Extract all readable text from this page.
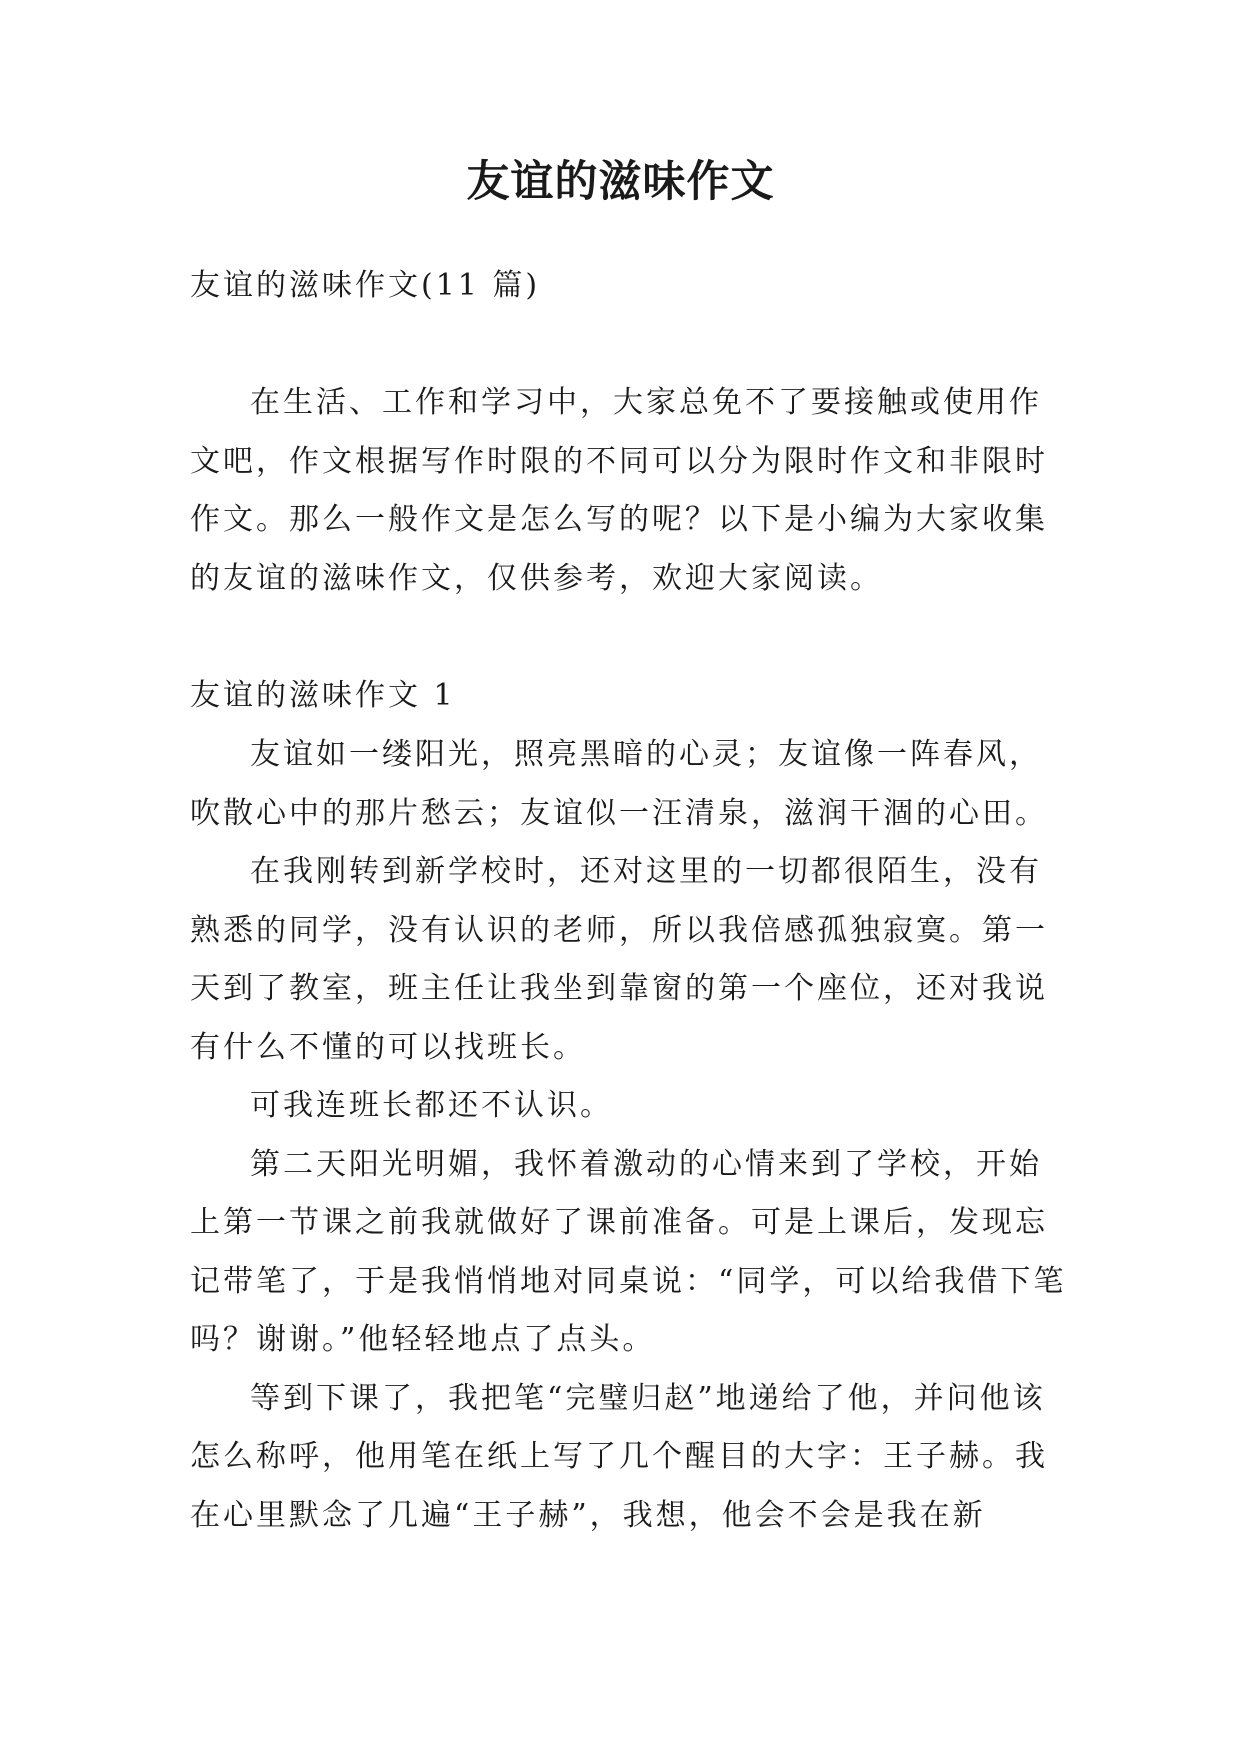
友谊的滋味作文

友谊的滋味作文(11 篇)

在生活、工作和学习中，大家总免不了要接触或使用作文吧，作文根据写作时限的不同可以分为限时作文和非限时作文。那么一般作文是怎么写的呢？以下是小编为大家收集的友谊的滋味作文，仅供参考，欢迎大家阅读。

友谊的滋味作文 1

友谊如一缕阳光，照亮黑暗的心灵；友谊像一阵春风，吹散心中的那片愁云；友谊似一汪清泉，滋润干涸的心田。

在我刚转到新学校时，还对这里的一切都很陌生，没有熟悉的同学，没有认识的老师，所以我倍感孤独寂寞。第一天到了教室，班主任让我坐到靠窗的第一个座位，还对我说有什么不懂的可以找班长。

可我连班长都还不认识。

第二天阳光明媚，我怀着激动的心情来到了学校，开始上第一节课之前我就做好了课前准备。可是上课后，发现忘记带笔了，于是我悄悄地对同桌说：“同学，可以给我借下笔吗？谢谢。”他轻轻地点了点头。

等到下课了，我把笔“完璧归赵”地递给了他，并问他该怎么称呼，他用笔在纸上写了几个醒目的大字：王子赫。我在心里默念了几遍“王子赫”，我想，他会不会是我在新
